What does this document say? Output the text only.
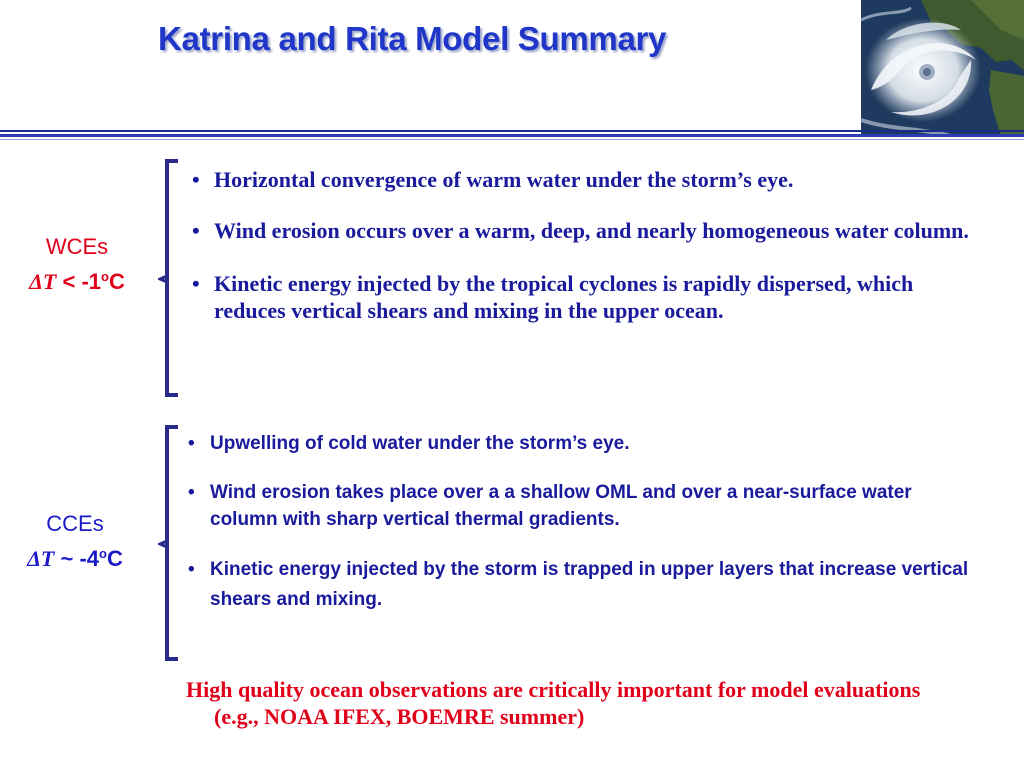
Katrina and Rita Model Summary
WCEs
$\Delta T < -1^oC$
• Horizontal convergence of warm water under the storm’s eye.
• Wind erosion occurs over a warm, deep, and nearly homogeneous water column.
• Kinetic energy injected by the tropical cyclones is rapidly dispersed, which reduces vertical shears and mixing in the upper ocean.
CCEs
ΔT ~ -4$^o$C
• Upwelling of cold water under the storm’s eye.
• Wind erosion takes place over a a shallow OML and over a near-surface water column with sharp vertical thermal gradients.
• Kinetic energy injected by the storm is trapped in upper layers that increase vertical shears and mixing.
High quality ocean observations are critically important for model evaluations (e.g., NOAA IFEX, BOEMRE summer)
